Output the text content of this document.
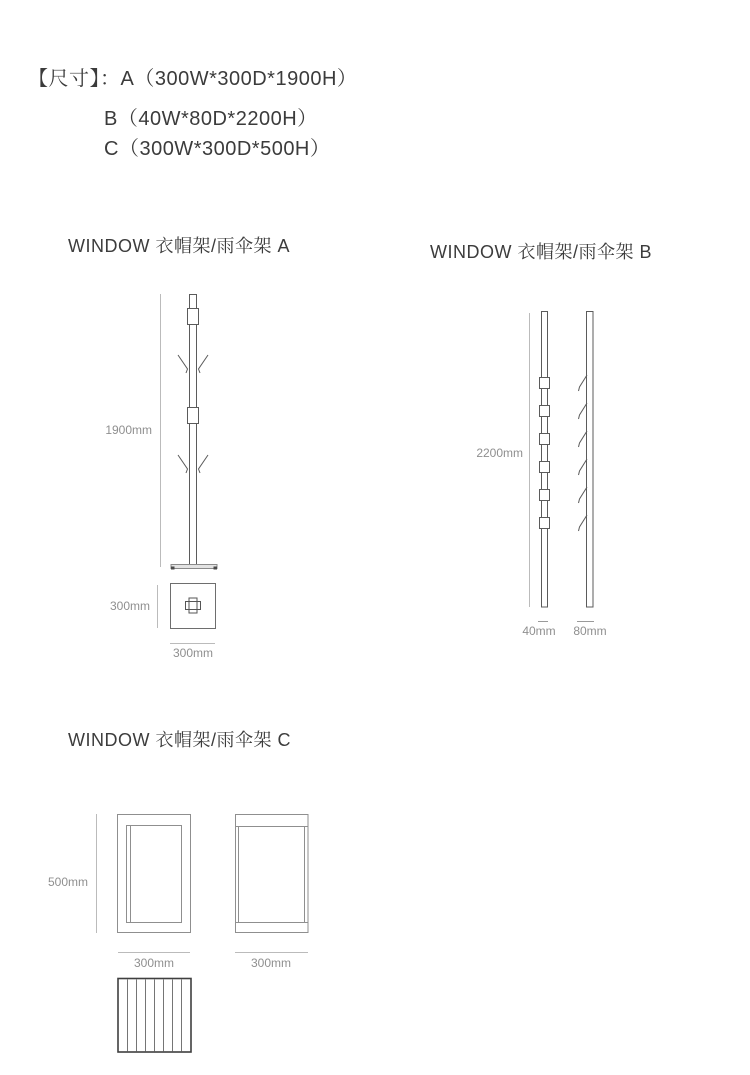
【尺寸】：A（300W*300D*1900H）
B（40W*80D*2200H）
C（300W*300D*500H）
WINDOW 衣帽架/雨伞架 A	WINDOW 衣帽架/雨伞架 B
WINDOW 衣帽架/雨伞架 C
1900mm
300mm
300mm
2200mm
40mm	80mm
500mm
300mm	300mm
